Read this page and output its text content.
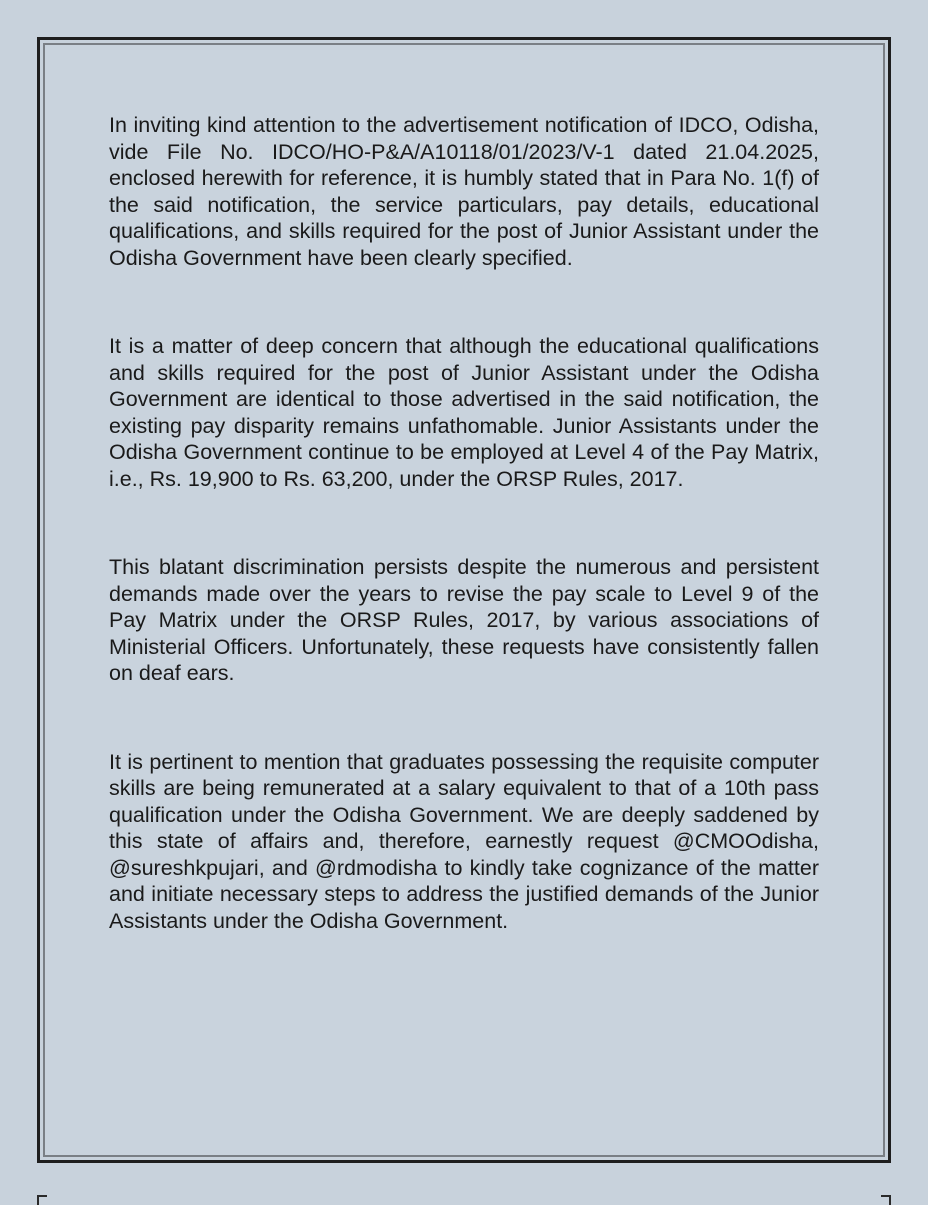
In inviting kind attention to the advertisement notification of IDCO, Odisha, vide File No. IDCO/HO-P&A/A10118/01/2023/V-1 dated 21.04.2025, enclosed herewith for reference, it is humbly stated that in Para No. 1(f) of the said notification, the service particulars, pay details, educational qualifications, and skills required for the post of Junior Assistant under the Odisha Government have been clearly specified.

It is a matter of deep concern that although the educational qualifications and skills required for the post of Junior Assistant under the Odisha Government are identical to those advertised in the said notification, the existing pay disparity remains unfathomable. Junior Assistants under the Odisha Government continue to be employed at Level 4 of the Pay Matrix, i.e., Rs. 19,900 to Rs. 63,200, under the ORSP Rules, 2017.

This blatant discrimination persists despite the numerous and persistent demands made over the years to revise the pay scale to Level 9 of the Pay Matrix under the ORSP Rules, 2017, by various associations of Ministerial Officers. Unfortunately, these requests have consistently fallen on deaf ears.

It is pertinent to mention that graduates possessing the requisite computer skills are being remunerated at a salary equivalent to that of a 10th pass qualification under the Odisha Government. We are deeply saddened by this state of affairs and, therefore, earnestly request @CMOOdisha, @sureshkpujari, and @rdmodisha to kindly take cognizance of the matter and initiate necessary steps to address the justified demands of the Junior Assistants under the Odisha Government.
